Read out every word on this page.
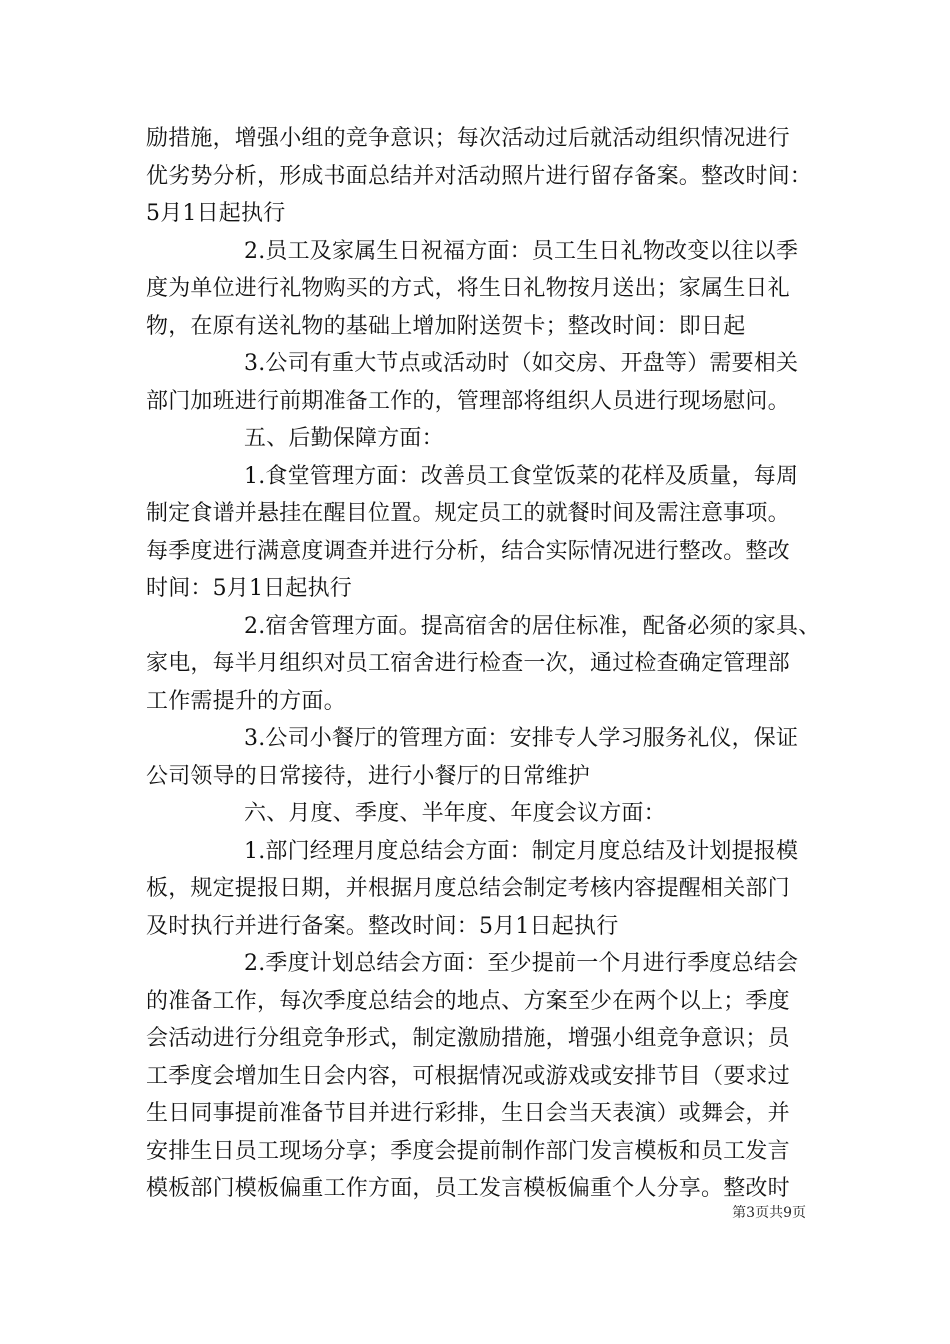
励措施，增强小组的竞争意识；每次活动过后就活动组织情况进行
优劣势分析，形成书面总结并对活动照片进行留存备案。整改时间：
5月1日起执行
2.员工及家属生日祝福方面：员工生日礼物改变以往以季
度为单位进行礼物购买的方式，将生日礼物按月送出；家属生日礼
物，在原有送礼物的基础上增加附送贺卡；整改时间：即日起
3.公司有重大节点或活动时（如交房、开盘等）需要相关
部门加班进行前期准备工作的，管理部将组织人员进行现场慰问。
五、后勤保障方面：
1.食堂管理方面：改善员工食堂饭菜的花样及质量，每周
制定食谱并悬挂在醒目位置。规定员工的就餐时间及需注意事项。
每季度进行满意度调查并进行分析，结合实际情况进行整改。整改
时间：5月1日起执行
2.宿舍管理方面。提高宿舍的居住标准，配备必须的家具、
家电，每半月组织对员工宿舍进行检查一次，通过检查确定管理部
工作需提升的方面。
3.公司小餐厅的管理方面：安排专人学习服务礼仪，保证
公司领导的日常接待，进行小餐厅的日常维护
六、月度、季度、半年度、年度会议方面：
1.部门经理月度总结会方面：制定月度总结及计划提报模
板，规定提报日期，并根据月度总结会制定考核内容提醒相关部门
及时执行并进行备案。整改时间：5月1日起执行
2.季度计划总结会方面：至少提前一个月进行季度总结会
的准备工作，每次季度总结会的地点、方案至少在两个以上；季度
会活动进行分组竞争形式，制定激励措施，增强小组竞争意识；员
工季度会增加生日会内容，可根据情况或游戏或安排节目（要求过
生日同事提前准备节目并进行彩排，生日会当天表演）或舞会，并
安排生日员工现场分享；季度会提前制作部门发言模板和员工发言
模板部门模板偏重工作方面，员工发言模板偏重个人分享。整改时
第3页共9页
